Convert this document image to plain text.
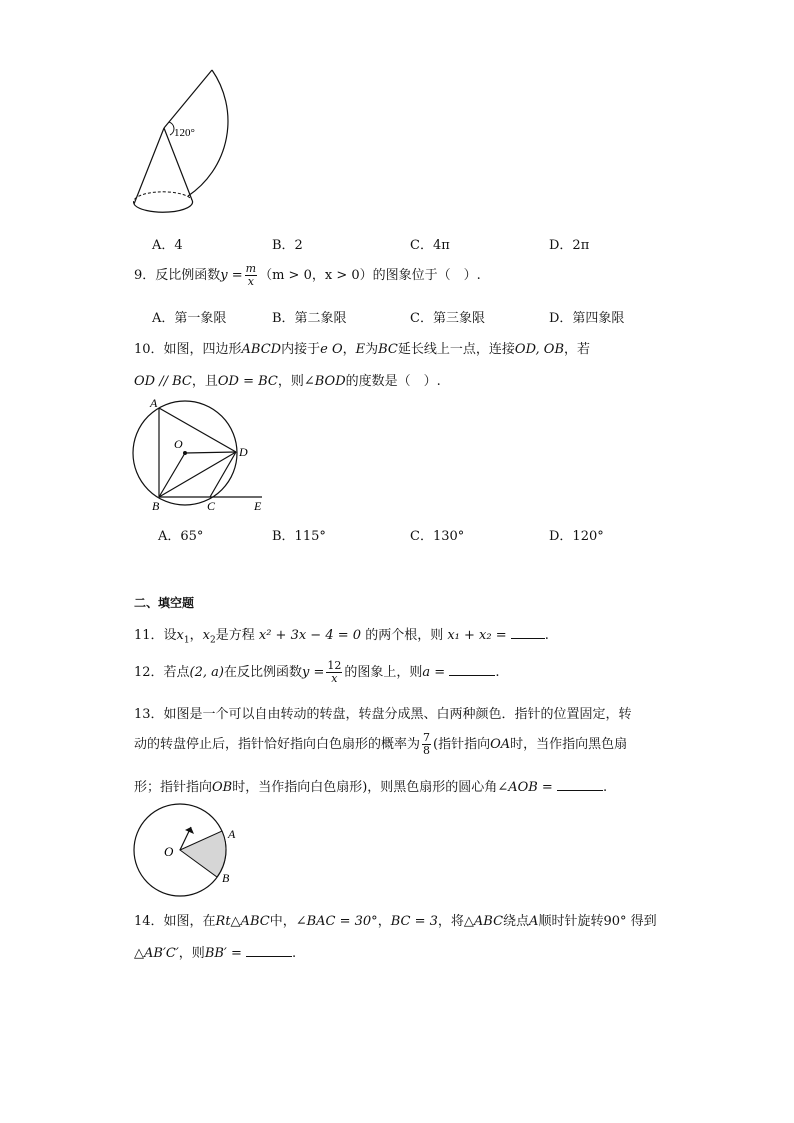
120°
A．4	B．2	C．4π	D．2π
9．反比例函数$y = \frac{m}{x} (m > 0$，x > 0）的图象位于（　）.
A．第一象限	B．第二象限	C．第三象限	D．第四象限
10．如图，四边形ABCD内接于e O，E为BC延长线上一点，连接OD, OB，若
OD // BC，且OD = BC，则∠BOD的度数是（　）.
A
O
D
B	C	E
A．65°	B．115°	C．130°	D．120°
二、填空题
11．设$x_1$，$x_2$是方程 x² + 3x − 4 = 0 的两个根，则 x₁ + x₂ =	.
12．若点(2, a)在反比例函数$y = \frac{12}{x}$ 的图象上，则a =	.
13．如图是一个可以自由转动的转盘，转盘分成黑、白两种颜色．指针的位置固定，转
动的转盘停止后，指针恰好指向白色扇形的概率为 $\frac{7}{8}$ (指针指向OA时，当作指向黑色扇
形；指针指向OB时，当作指向白色扇形)，则黑色扇形的圆心角∠AOB =	.
O
A
B
14．如图，在Rt△ABC中，∠BAC = 30°，BC = 3，将△ABC绕点A顺时针旋转90° 得到
△AB′C′，则BB′ =	.
